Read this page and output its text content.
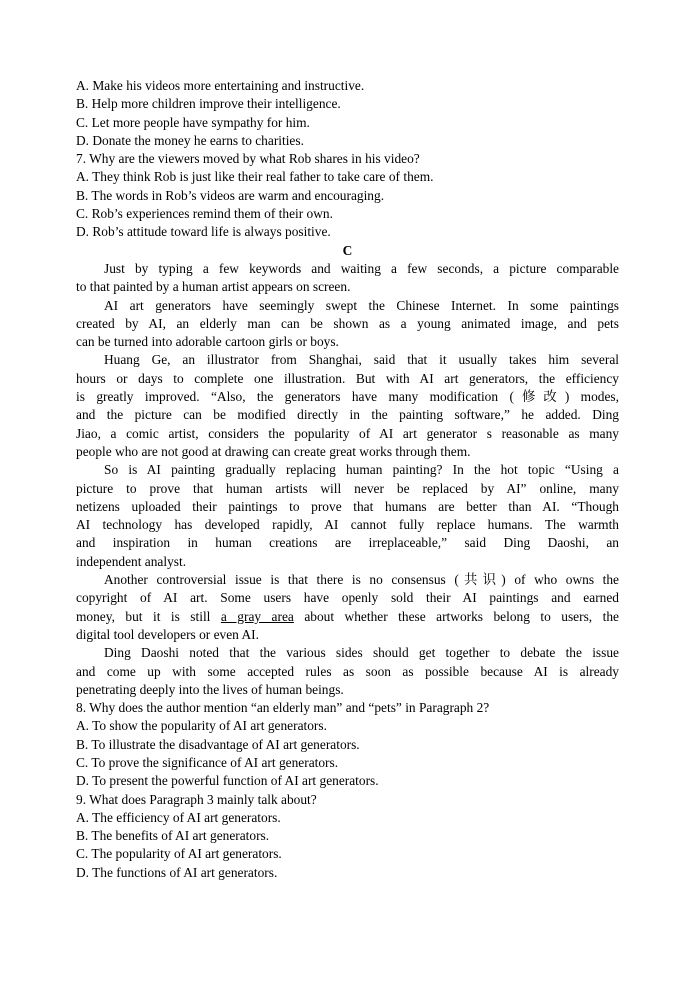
A. Make his videos more entertaining and instructive.
B. Help more children improve their intelligence.
C. Let more people have sympathy for him.
D. Donate the money he earns to charities.
7. Why are the viewers moved by what Rob shares in his video?
A. They think Rob is just like their real father to take care of them.
B. The words in Rob’s videos are warm and encouraging.
C. Rob’s experiences remind them of their own.
D. Rob’s attitude toward life is always positive.
C
Just by typing a few keywords and waiting a few seconds, a picture comparable
to that painted by a human artist appears on screen.
AI art generators have seemingly swept the Chinese Internet. In some paintings
created by AI, an elderly man can be shown as a young animated image, and pets
can be turned into adorable cartoon girls or boys.
Huang Ge, an illustrator from Shanghai, said that it usually takes him several
hours or days to complete one illustration. But with AI art generators, the efficiency
is greatly improved. “Also, the generators have many modification (修改) modes,
and the picture can be modified directly in the painting software,” he added. Ding
Jiao, a comic artist, considers the popularity of AI art generator s reasonable as many
people who are not good at drawing can create great works through them.
So is AI painting gradually replacing human painting? In the hot topic “Using a
picture to prove that human artists will never be replaced by AI” online, many
netizens uploaded their paintings to prove that humans are better than AI. “Though
AI technology has developed rapidly, AI cannot fully replace humans. The warmth
and inspiration in human creations are irreplaceable,” said Ding Daoshi, an
independent analyst.
Another controversial issue is that there is no consensus (共识) of who owns the
copyright of AI art. Some users have openly sold their AI paintings and earned
money, but it is still a gray area about whether these artworks belong to users, the
digital tool developers or even AI.
Ding Daoshi noted that the various sides should get together to debate the issue
and come up with some accepted rules as soon as possible because AI is already
penetrating deeply into the lives of human beings.
8. Why does the author mention “an elderly man” and “pets” in Paragraph 2?
A. To show the popularity of AI art generators.
B. To illustrate the disadvantage of AI art generators.
C. To prove the significance of AI art generators.
D. To present the powerful function of AI art generators.
9. What does Paragraph 3 mainly talk about?
A. The efficiency of AI art generators.
B. The benefits of AI art generators.
C. The popularity of AI art generators.
D. The functions of AI art generators.
